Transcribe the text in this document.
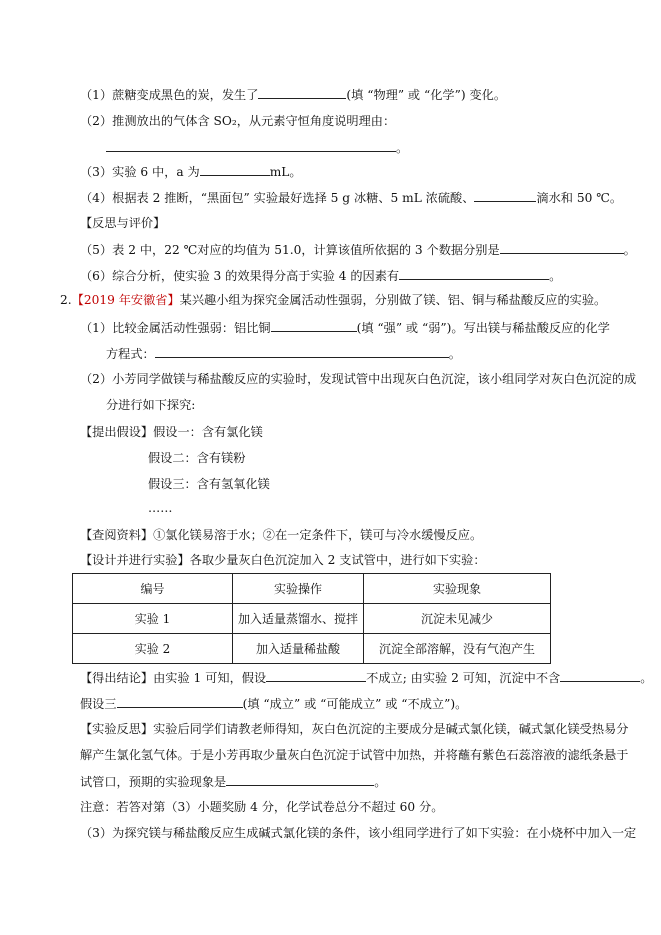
（1）蔗糖变成黑色的炭，发生了	(填 “物理” 或 “化学”) 变化。
（2）推测放出的气体含 SO₂，从元素守恒角度说明理由：
。
（3）实验 6 中，a 为	mL。
（4）根据表 2 推断，“黑面包” 实验最好选择 5 g 冰糖、5 mL 浓硫酸、	滴水和 50 ℃。
【反思与评价】
（5）表 2 中，22 ℃对应的均值为 51.0，计算该值所依据的 3 个数据分别是	。
（6）综合分析，使实验 3 的效果得分高于实验 4 的因素有	。
2.【2019 年安徽省】某兴趣小组为探究金属活动性强弱，分别做了镁、铝、铜与稀盐酸反应的实验。
（1）比较金属活动性强弱：铝比铜	(填 “强” 或 “弱”)。写出镁与稀盐酸反应的化学
方程式：	。
（2）小芳同学做镁与稀盐酸反应的实验时，发现试管中出现灰白色沉淀，该小组同学对灰白色沉淀的成
分进行如下探究:
【提出假设】假设一：含有氯化镁
假设二：含有镁粉
假设三：含有氢氧化镁
……
【查阅资料】①氯化镁易溶于水；②在一定条件下，镁可与冷水缓慢反应。
【设计并进行实验】各取少量灰白色沉淀加入 2 支试管中，进行如下实验：
编号	实验操作	实验现象
实验 1	加入适量蒸馏水、搅拌	沉淀未见减少
实验 2	加入适量稀盐酸	沉淀全部溶解，没有气泡产生
【得出结论】由实验 1 可知，假设	不成立; 由实验 2 可知，沉淀中不含	。
假设三	(填 “成立” 或 “可能成立” 或 “不成立”)。
【实验反思】实验后同学们请教老师得知，灰白色沉淀的主要成分是碱式氯化镁，碱式氯化镁受热易分
解产生氯化氢气体。于是小芳再取少量灰白色沉淀于试管中加热，并将蘸有紫色石蕊溶液的滤纸条悬于
试管口，预期的实验现象是	。
注意：若答对第（3）小题奖励 4 分，化学试卷总分不超过 60 分。
（3）为探究镁与稀盐酸反应生成碱式氯化镁的条件，该小组同学进行了如下实验：在小烧杯中加入一定
